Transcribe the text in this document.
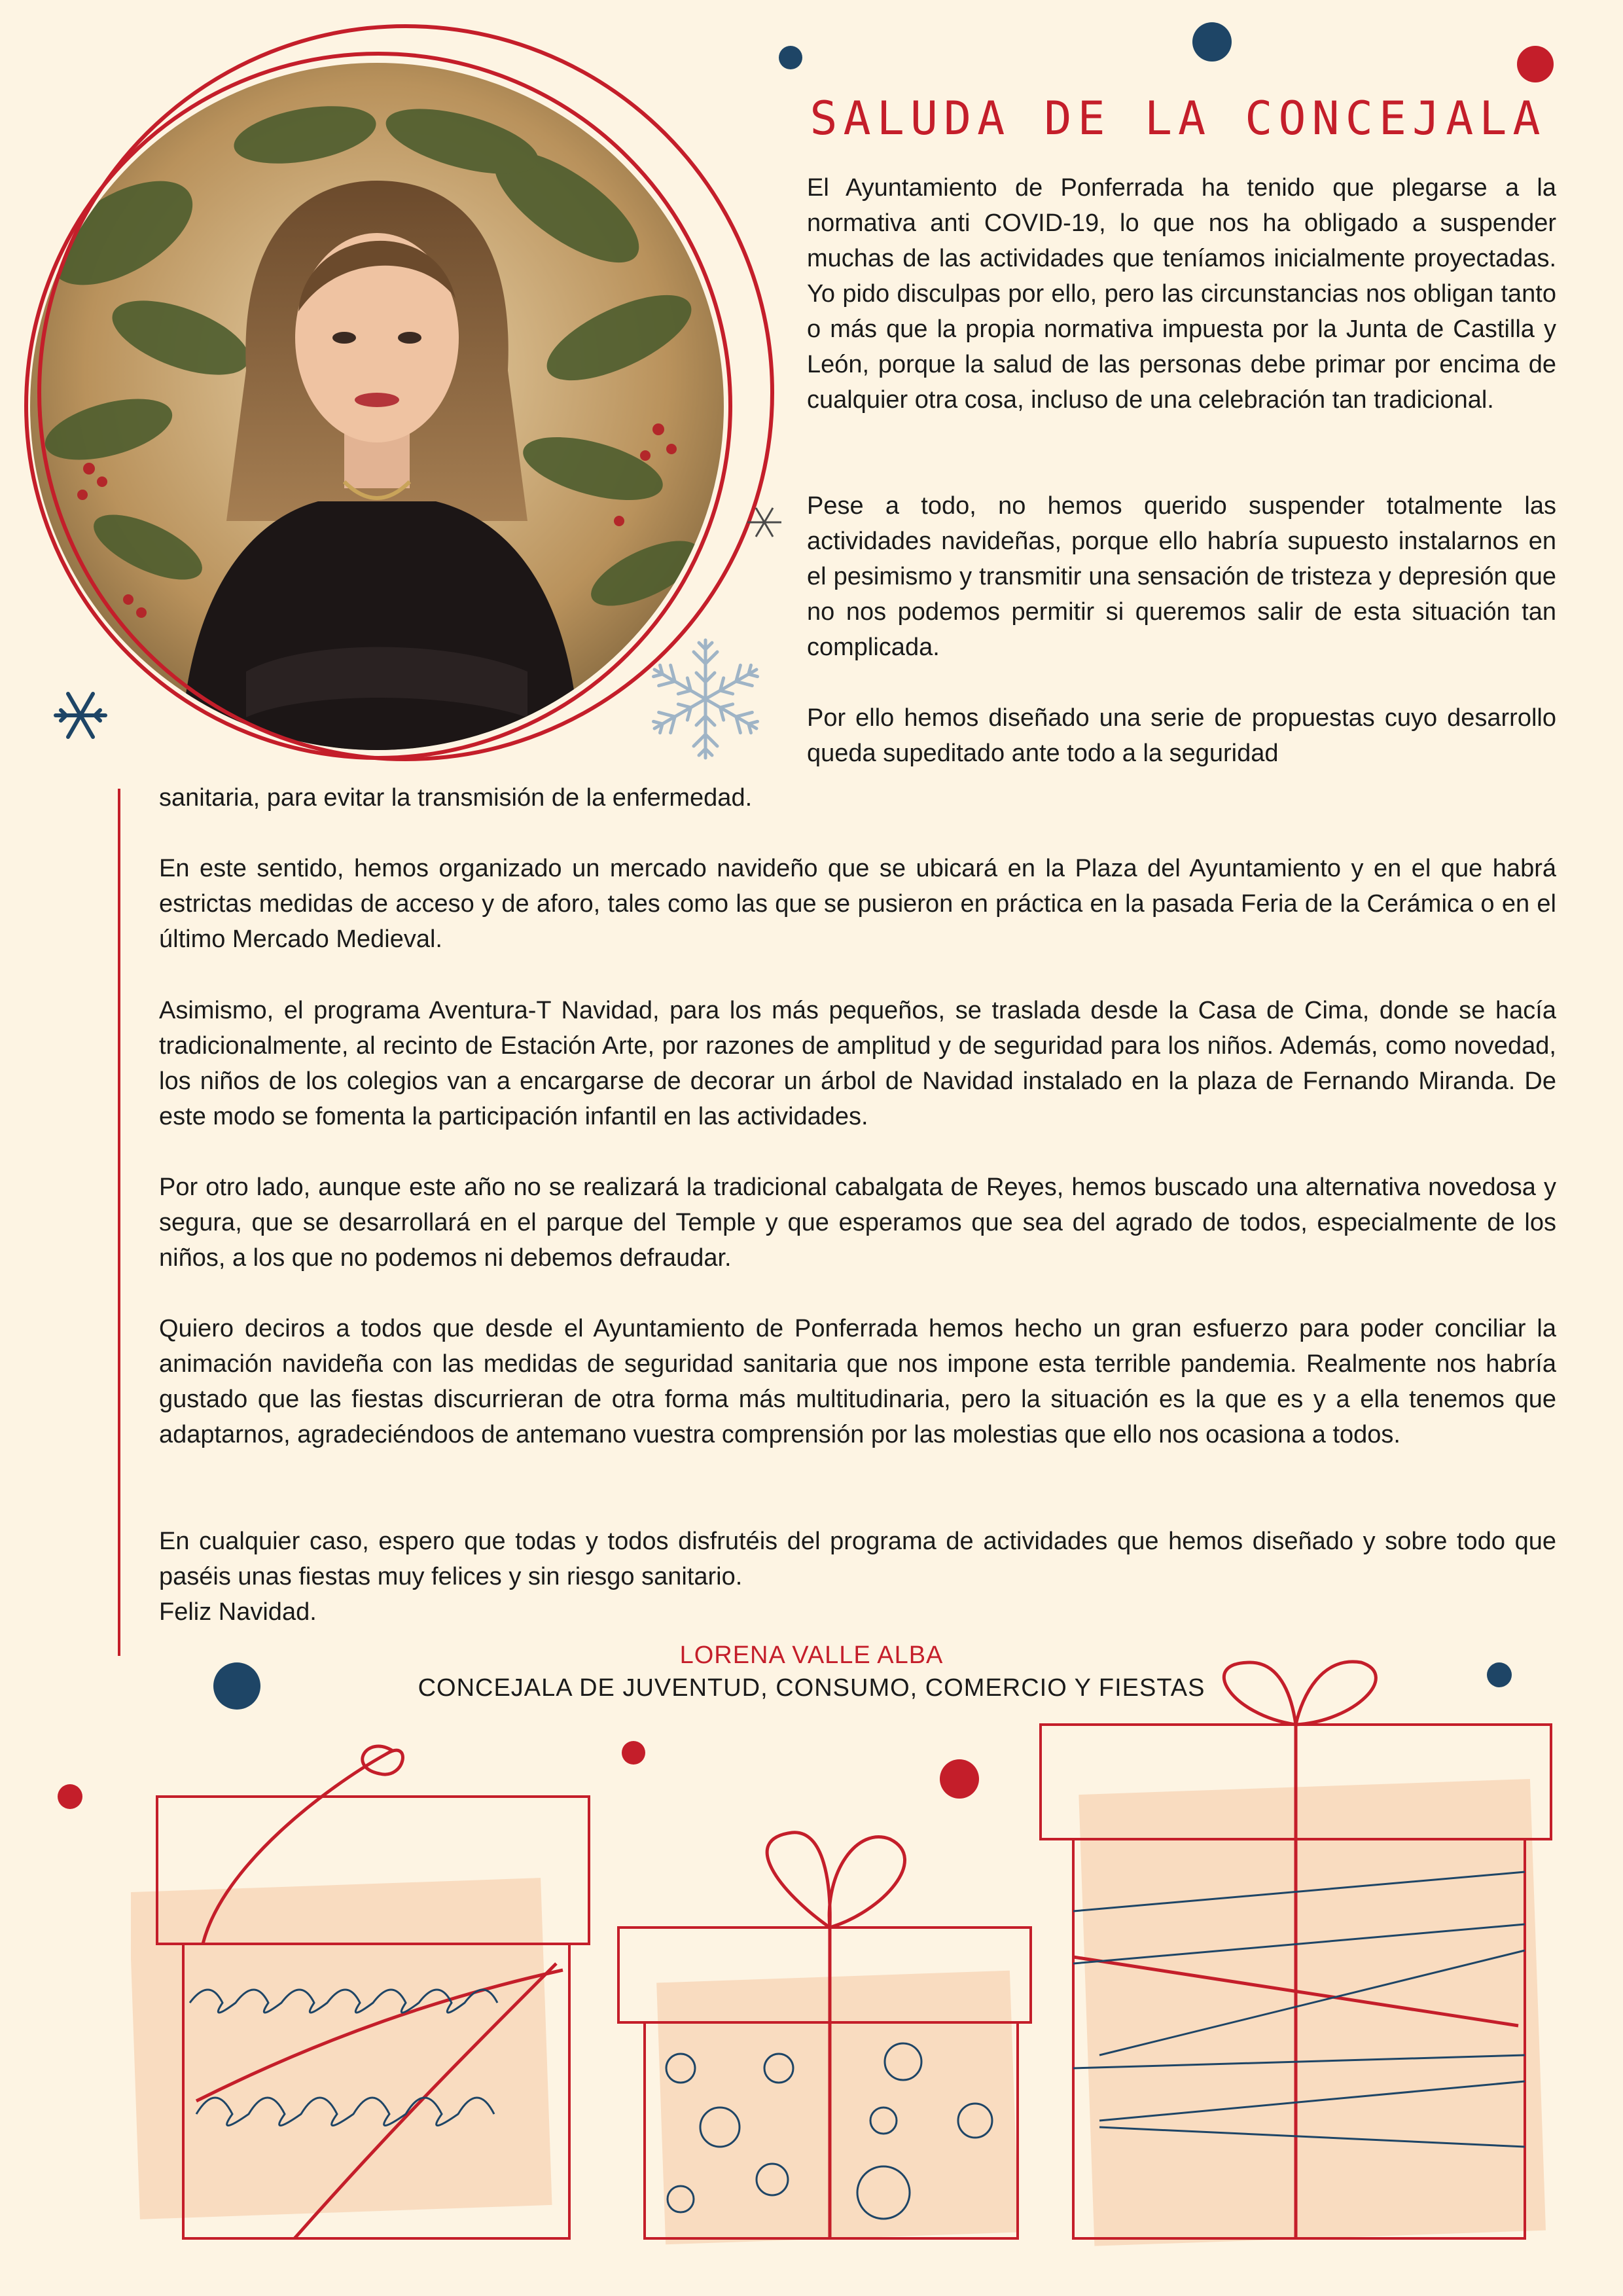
SALUDA DE LA CONCEJALA

El Ayuntamiento de Ponferrada ha tenido que plegarse a la normativa anti COVID-19, lo que nos ha obligado a suspender muchas de las actividades que teníamos inicialmente proyectadas. Yo pido disculpas por ello, pero las circunstancias nos obligan tanto o más que la propia normativa impuesta por la Junta de Castilla y León, porque la salud de las personas debe primar por encima de cualquier otra cosa, incluso de una celebración tan tradicional.

Pese a todo, no hemos querido suspender totalmente las actividades navideñas, porque ello habría supuesto instalarnos en el pesimismo y transmitir una sensación de tristeza y depresión que no nos podemos permitir si queremos salir de esta situación tan complicada.

Por ello hemos diseñado una serie de propuestas cuyo desarrollo queda supeditado ante todo a la seguridad

sanitaria, para evitar la transmisión de la enfermedad.

En este sentido, hemos organizado un mercado navideño que se ubicará en la Plaza del Ayuntamiento y en el que habrá estrictas medidas de acceso y de aforo, tales como las que se pusieron en práctica en la pasada Feria de la Cerámica o en el último Mercado Medieval.

Asimismo, el programa Aventura-T Navidad, para los más pequeños, se traslada desde la Casa de Cima, donde se hacía tradicionalmente, al recinto de Estación Arte, por razones de amplitud y de seguridad para los niños. Además, como novedad, los niños de los colegios van a encargarse de decorar un árbol de Navidad instalado en la plaza de Fernando Miranda. De este modo se fomenta la participación infantil en las actividades.

Por otro lado, aunque este año no se realizará la tradicional cabalgata de Reyes, hemos buscado una alternativa novedosa y segura, que se desarrollará en el parque del Temple y que esperamos que sea del agrado de todos, especialmente de los niños, a los que no podemos ni debemos defraudar.

Quiero deciros a todos que desde el Ayuntamiento de Ponferrada hemos hecho un gran esfuerzo para poder conciliar la animación navideña con las medidas de seguridad sanitaria que nos impone esta terrible pandemia. Realmente nos habría gustado que las fiestas discurrieran de otra forma más multitudinaria, pero la situación es la que es y a ella tenemos que adaptarnos, agradeciéndoos de antemano vuestra comprensión por las molestias que ello nos ocasiona a todos.

En cualquier caso, espero que todas y todos disfrutéis del programa de actividades que hemos diseñado y sobre todo que paséis unas fiestas muy felices y sin riesgo sanitario.

Feliz Navidad.

LORENA VALLE ALBA
CONCEJALA DE JUVENTUD, CONSUMO, COMERCIO Y FIESTAS
